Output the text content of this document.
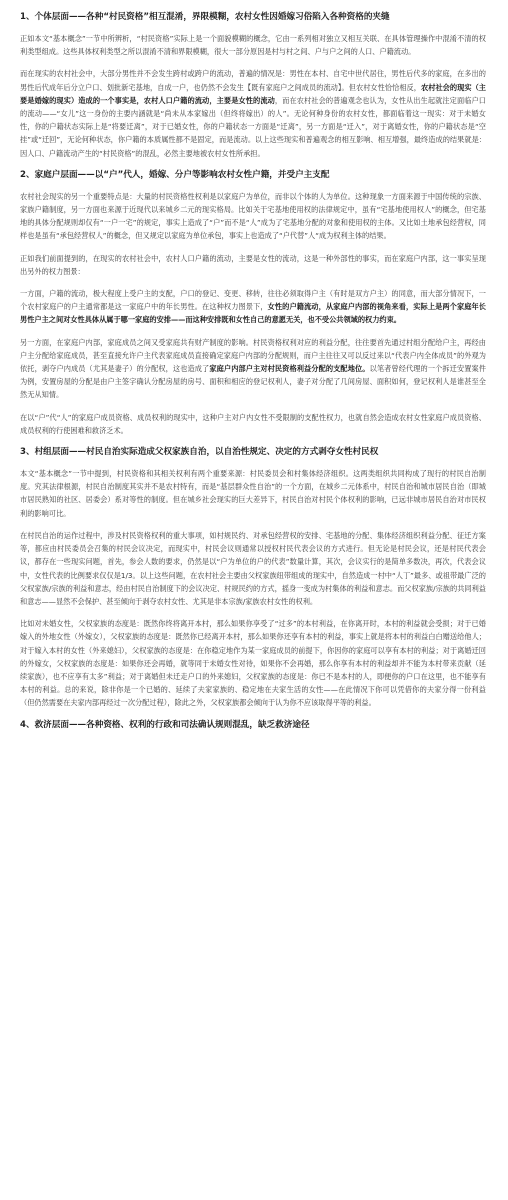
1、个体层面——各种“村民资格”相互混淆，界限模糊，农村女性因婚嫁习俗陷入各种资格的夹缝

正如本文“基本概念”一节中所辨析，“村民资格”实际上是一个面貌模糊的概念，它由一系列相对独立又相互关联、在具体管理操作中混淆不清的权利类型组成。这些具体权利类型之所以混淆不清和界限模糊，很大一部分原因是村与村之间、户与户之间的人口、户籍流动。

而在现实的农村社会中，大部分男性并不会发生跨村或跨户的流动，普遍的情况是：男性在本村、自宅中世代居住，男性后代多的家庭，在多出的男性后代成年后分立户口、划批新宅基地，自成一户，也仍然不会发生【既有家庭户之间成员的流动】。但农村女性恰恰相反，农村社会的现实（主要是婚嫁的现实）造成的一个事实是，农村人口户籍的流动，主要是女性的流动，而在农村社会的普遍观念也认为，女性从出生起就注定面临户口的流动——“女儿”这一身份的主要内涵就是“尚未从本家嫁出（但终将嫁出）的人”。无论何种身份的农村女性，都面临着这一现实：对于未婚女性，你的户籍状态实际上是“将要迁离”，对于已婚女性，你的户籍状态一方面是“迁离”，另一方面是“迁入”，对于离婚女性，你的户籍状态是“空挂”或“迁回”，无论何种状态，你户籍的本质属性都不是固定，而是流动。以上这些现实和普遍观念的相互影响、相互增强，最终造成的结果就是：因人口、户籍流动产生的“村民资格”的混乱，必然主要地被农村女性所承担。

2、家庭户层面——以“户”代人，婚嫁、分户等影响农村女性户籍，并受户主支配

农村社会现实的另一个重要特点是：大量的村民资格性权利是以家庭户为单位，而非以个体的人为单位。这种现象一方面来源于中国传统的宗族、家族户籍制度，另一方面也来源于近现代以来城乡二元的现实格局。比如关于宅基地使用权的法律规定中，虽有“宅基地使用权人”的概念，但宅基地的具体分配规则却仅有“一户一宅”的规定，事实上造成了“户”而不是“人”成为了宅基地分配的对象和使用权的主体。又比如土地承包经营权，同样也是虽有“承包经营权人”的概念，但又规定以家庭为单位承包，事实上也造成了“户代替”人“成为权利主体的结果。

正如我们前面提到的，在现实的农村社会中，农村人口户籍的流动，主要是女性的流动，这是一种外部性的事实，而在家庭户内部，这一事实呈现出另外的权力图景：

一方面，户籍的流动，极大程度上受户主的支配，户口的登记、变更、移转，往往必须取得户主（有时是双方户主）的同意，而大部分情况下，一个农村家庭户的户主通常都是这一家庭户中的年长男性。在这种权力图景下，女性的户籍流动，从家庭户内部的视角来看，实际上是两个家庭年长男性户主之间对女性具体从属于哪一家庭的安排——而这种安排既和女性自己的意愿无关，也不受公共领域的权力约束。

另一方面，在家庭户内部，家庭成员之间又受家庭共有财产制度的影响。村民资格权利对应的利益分配，往往要首先通过村组分配给户主，再经由户主分配给家庭成员，甚至直接允许户主代表家庭成员直接确定家庭户内部的分配规则，而户主往往又可以反过来以“代表户内全体成员”的外观为依托，剥夺户内成员（尤其是妻子）的分配权，这也造成了家庭户内部户主对村民资格利益分配的支配地位。以笔者曾经代理的一个拆迁安置案件为例，安置房屋的分配是由户主签字确认分配房屋的房号、面积和相应的登记权利人，妻子对分配了几间房屋、面积如何，登记权利人是谁甚至全然无从知情。

在以“户”代“人”的家庭户成员资格、成员权利的现实中，这种户主对户内女性不受限制的支配性权力，也就自然会造成农村女性家庭户成员资格、成员权利的行使困难和救济乏术。

3、村组层面——村民自治实际造成父权家族自治，以自治性规定、决定的方式剥夺女性村民权

本文“基本概念”一节中提到，村民资格和其相关权利有两个重要来源：村民委员会和村集体经济组织。这两类组织共同构成了现行的村民自治制度。究其法律根源，村民自治制度其实并不是农村特有，而是“基层群众性自治”的一个方面，在城乡二元体系中，村民自治和城市居民自治（即城市居民熟知的社区、居委会）系对等性的制度。但在城乡社会现实的巨大差异下，村民自治对村民个体权利的影响，已远非城市居民自治对市民权利的影响可比。

在村民自治的运作过程中，涉及村民资格权利的重大事项，如村规民约、对承包经营权的安排、宅基地的分配、集体经济组织利益分配、征迁方案等，都应由村民委员会召集的村民会议决定，而现实中，村民会议则通常以授权村民代表会议的方式进行。但无论是村民会议，还是村民代表会议，都存在一些现实问题，首先，参会人数的要求，仍然是以“户为单位的户的代表”数量计算，其次，会议实行的是简单多数决，再次，代表会议中，女性代表的比例要求仅仅是1/3。以上这些问题，在农村社会主要由父权家族纽带组成的现实中，自然造成一村中“人丁”最多、或祖带最广泛的父权家族/宗族的利益和意志，经由村民自治制度下的会议决定、村规民约的方式，摇身一变成为村集体的利益和意志。而父权家族/宗族的共同利益和意志——显然不会保护、甚至倾向于剥夺农村女性、尤其是非本宗族/家族农村女性的权利。

比如对未婚女性，父权家族的态度是：既然你终将离开本村，那么如果你享受了“过多”的本村利益，在你离开时，本村的利益就会受损；对于已婚嫁入的外地女性（外嫁女），父权家族的态度是：既然你已经离开本村，那么如果你还享有本村的利益，事实上就是将本村的利益白白赠送给他人；对于嫁入本村的女性（外来媳妇），父权家族的态度是：在你稳定地作为某一家庭成员的前提下，你因你的家庭可以享有本村的利益；对于离婚迁回的外嫁女，父权家族的态度是：如果你还会再婚，就等同于未婚女性对待，如果你不会再婚，那么你享有本村的利益却并不能为本村带来贡献（延续家族），也不应享有太多”利益；对于离婚但未迁走户口的外来媳妇，父权家族的态度是：你已不是本村的人，即便你的户口在这里，也不能享有本村的利益。总的来说，除非你是一个已婚的、延续了夫家家族的、稳定地在夫家生活的女性——在此情况下你可以凭借你的夫家分得一份利益（但仍然需要在夫家内部再经过一次分配过程），除此之外，父权家族都会倾向于认为你不应该取得平等的利益。

4、救济层面——各种资格、权利的行政和司法确认规则混乱，缺乏救济途径
